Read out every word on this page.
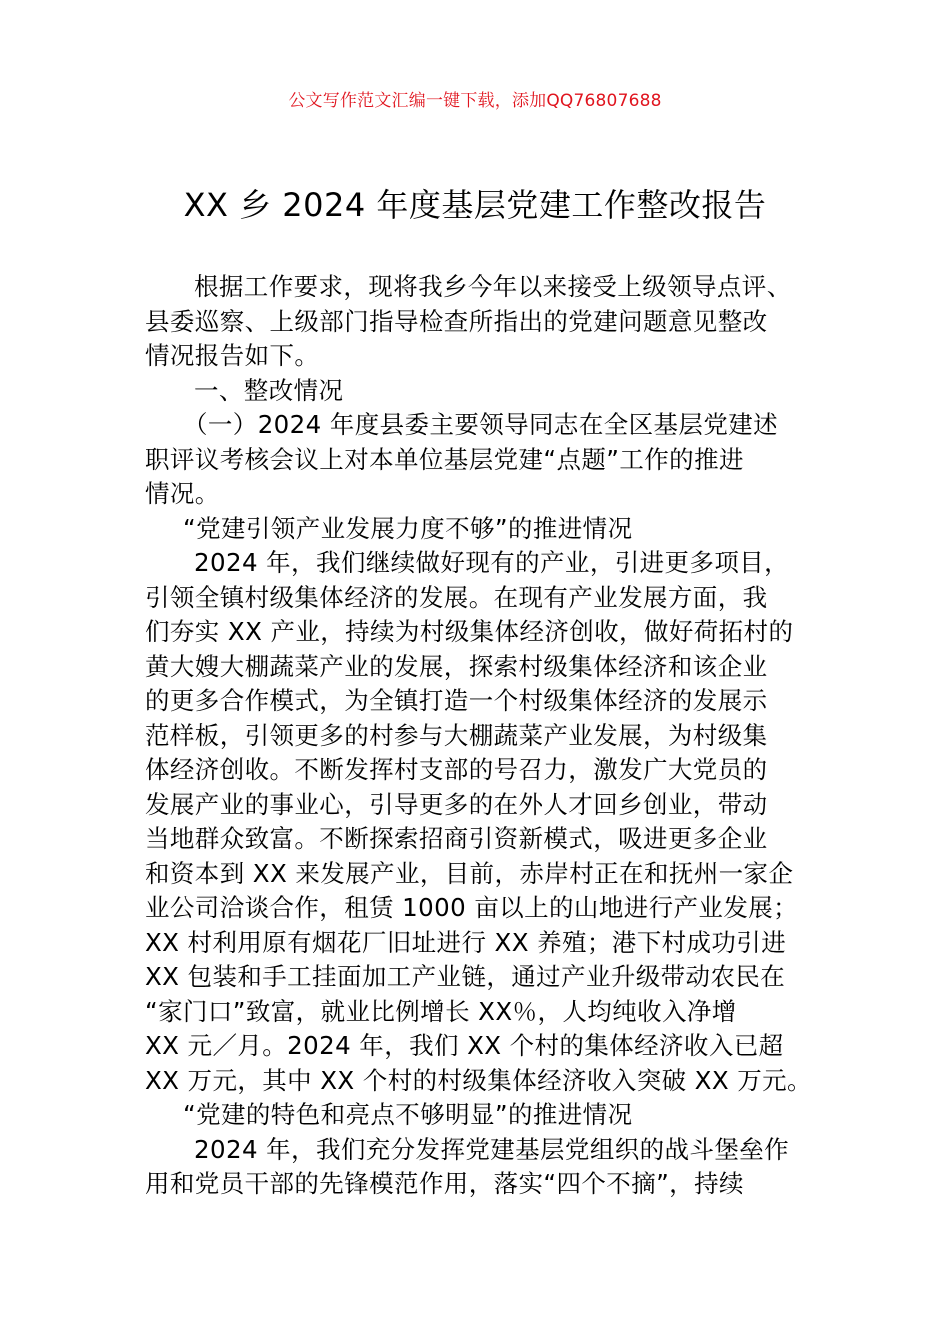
公文写作范文汇编一键下载，添加QQ76807688
XX 乡 2024 年度基层党建工作整改报告
根据工作要求，现将我乡今年以来接受上级领导点评、
县委巡察、上级部门指导检查所指出的党建问题意见整改
情况报告如下。
一、整改情况
（一）2024 年度县委主要领导同志在全区基层党建述
职评议考核会议上对本单位基层党建“点题”工作的推进
情况。
“党建引领产业发展力度不够”的推进情况
2024 年，我们继续做好现有的产业，引进更多项目，
引领全镇村级集体经济的发展。在现有产业发展方面，我
们夯实 XX 产业，持续为村级集体经济创收，做好荷拓村的
黄大嫂大棚蔬菜产业的发展，探索村级集体经济和该企业
的更多合作模式，为全镇打造一个村级集体经济的发展示
范样板，引领更多的村参与大棚蔬菜产业发展，为村级集
体经济创收。不断发挥村支部的号召力，激发广大党员的
发展产业的事业心，引导更多的在外人才回乡创业，带动
当地群众致富。不断探索招商引资新模式，吸进更多企业
和资本到 XX 来发展产业，目前，赤岸村正在和抚州一家企
业公司洽谈合作，租赁 1000 亩以上的山地进行产业发展；
XX 村利用原有烟花厂旧址进行 XX 养殖；港下村成功引进
XX 包装和手工挂面加工产业链，通过产业升级带动农民在
“家门口”致富，就业比例增长 XX％，人均纯收入净增
XX 元／月。2024 年，我们 XX 个村的集体经济收入已超
XX 万元，其中 XX 个村的村级集体经济收入突破 XX 万元。
“党建的特色和亮点不够明显”的推进情况
2024 年，我们充分发挥党建基层党组织的战斗堡垒作
用和党员干部的先锋模范作用，落实“四个不摘”，持续
